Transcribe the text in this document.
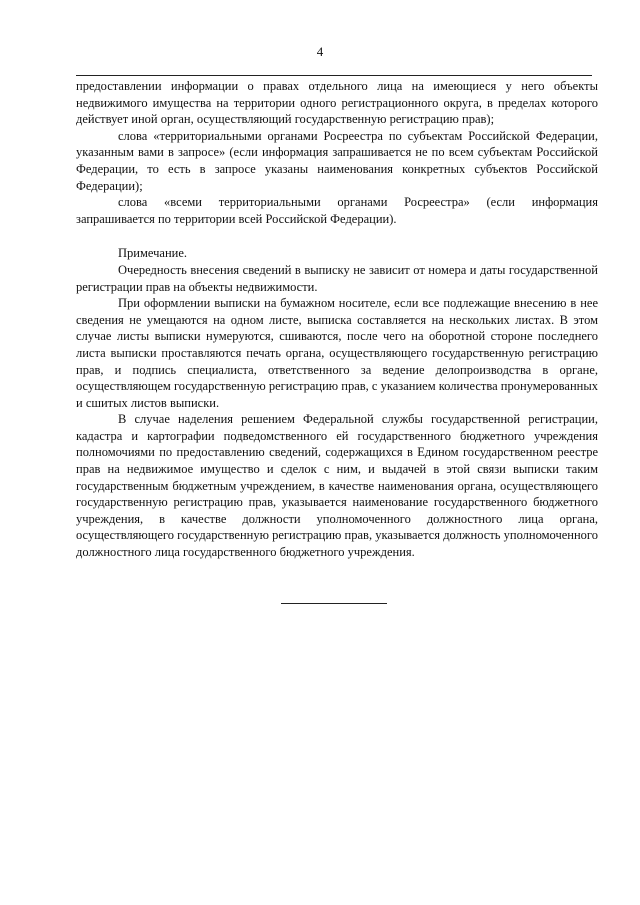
4

предоставлении информации о правах отдельного лица на имеющиеся у него объекты недвижимого имущества на территории одного регистрационного округа, в пределах которого действует иной орган, осуществляющий государственную регистрацию прав);

слова «территориальными органами Росреестра по субъектам Российской Федерации, указанным вами в запросе» (если информация запрашивается не по всем субъектам Российской Федерации, то есть в запросе указаны наименования конкретных субъектов Российской Федерации);

слова «всеми территориальными органами Росреестра» (если информация запрашивается по территории всей Российской Федерации).

Примечание.

Очередность внесения сведений в выписку не зависит от номера и даты государственной регистрации прав на объекты недвижимости.

При оформлении выписки на бумажном носителе, если все подлежащие внесению в нее сведения не умещаются на одном листе, выписка составляется на нескольких листах. В этом случае листы выписки нумеруются, сшиваются, после чего на оборотной стороне последнего листа выписки проставляются печать органа, осуществляющего государственную регистрацию прав, и подпись специалиста, ответственного за ведение делопроизводства в органе, осуществляющем государственную регистрацию прав, с указанием количества пронумерованных и сшитых листов выписки.

В случае наделения решением Федеральной службы государственной регистрации, кадастра и картографии подведомственного ей государственного бюджетного учреждения полномочиями по предоставлению сведений, содержащихся в Едином государственном реестре прав на недвижимое имущество и сделок с ним, и выдачей в этой связи выписки таким государственным бюджетным учреждением, в качестве наименования органа, осуществляющего государственную регистрацию прав, указывается наименование государственного бюджетного учреждения, в качестве должности уполномоченного должностного лица органа, осуществляющего государственную регистрацию прав, указывается должность уполномоченного должностного лица государственного бюджетного учреждения.
